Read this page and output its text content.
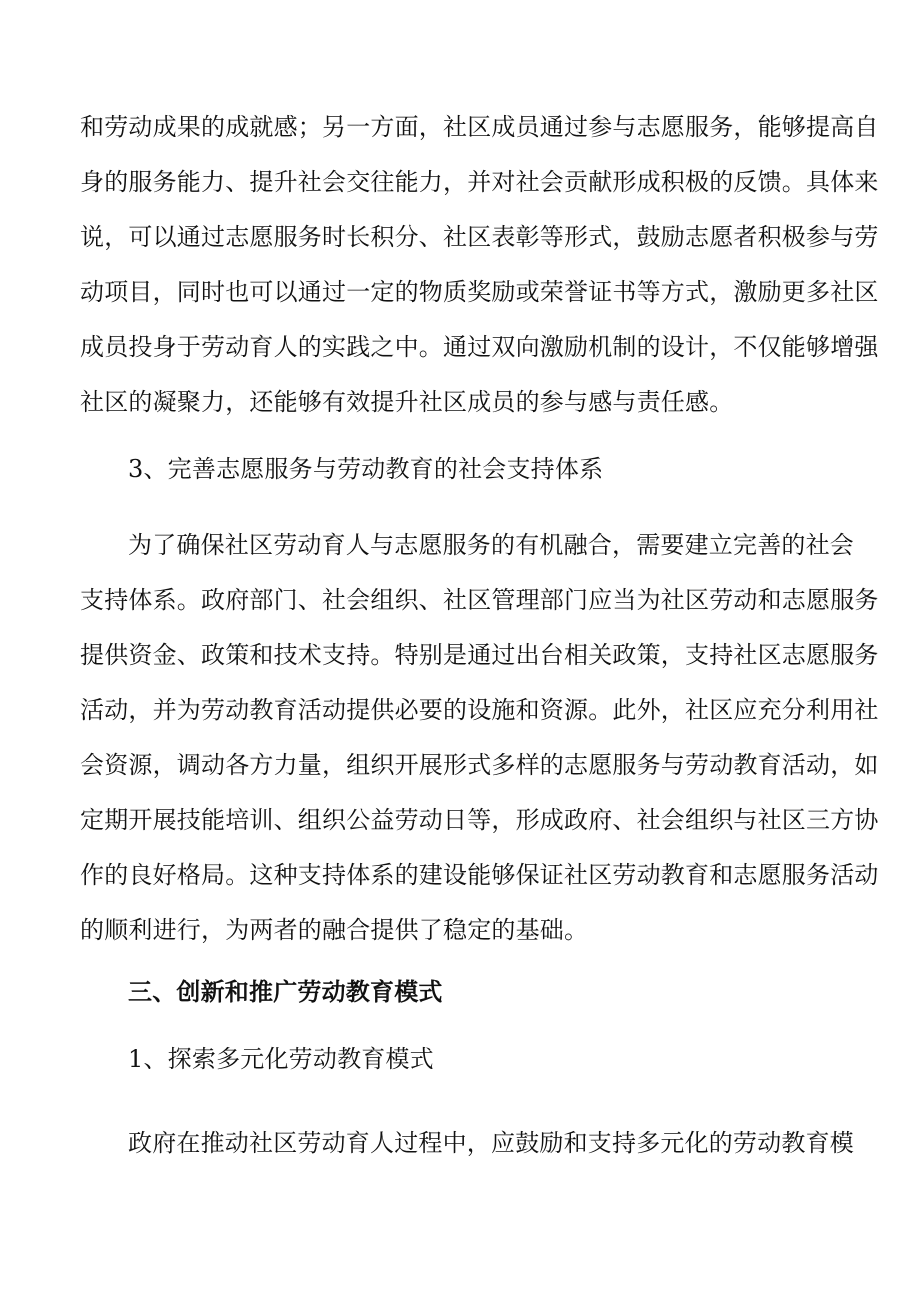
和劳动成果的成就感；另一方面，社区成员通过参与志愿服务，能够提高自
身的服务能力、提升社会交往能力，并对社会贡献形成积极的反馈。具体来
说，可以通过志愿服务时长积分、社区表彰等形式，鼓励志愿者积极参与劳
动项目，同时也可以通过一定的物质奖励或荣誉证书等方式，激励更多社区
成员投身于劳动育人的实践之中。通过双向激励机制的设计，不仅能够增强
社区的凝聚力，还能够有效提升社区成员的参与感与责任感。
3、完善志愿服务与劳动教育的社会支持体系
为了确保社区劳动育人与志愿服务的有机融合，需要建立完善的社会
支持体系。政府部门、社会组织、社区管理部门应当为社区劳动和志愿服务
提供资金、政策和技术支持。特别是通过出台相关政策，支持社区志愿服务
活动，并为劳动教育活动提供必要的设施和资源。此外，社区应充分利用社
会资源，调动各方力量，组织开展形式多样的志愿服务与劳动教育活动，如
定期开展技能培训、组织公益劳动日等，形成政府、社会组织与社区三方协
作的良好格局。这种支持体系的建设能够保证社区劳动教育和志愿服务活动
的顺利进行，为两者的融合提供了稳定的基础。
三、创新和推广劳动教育模式
1、探索多元化劳动教育模式
政府在推动社区劳动育人过程中，应鼓励和支持多元化的劳动教育模
